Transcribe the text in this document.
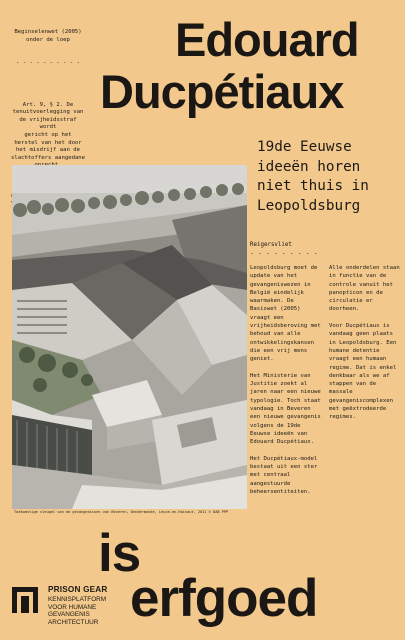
Beginselenwet (2005)
onder de loep

- - - - - - - - - -

Art. 9, § 2. De
tenuitvoerlegging van
de vrijheidsstraf wordt
gericht op het
herstel van het door
het misdrijf aan de
slachtoffers aangedane

Edouard
Ducpétiaux
19de Eeuwse ideeën horen niet thuis in Leopoldsburg
Toekomstige vleugel van de gevangenissen van Beveren, Dendermonde, Leuze-en-Hainaut, 2011 © DAB PPP
Reigersvliet
- - - - - - - - -

Leopoldsburg moet de update van het gevangeniswezen in België eindelijk waarmaken. De Basiswet (2005) vraagt een vrijheidsberoving met behoud van alle ontwikkelingskansen die een vrij mens geniet.

Het Ministerie van Justitie zoekt al jaren naar een nieuwe typologie. Toch staat vandaag in Beveren een nieuwe gevangenis volgens de 19de Eeuwse ideeën van Edouard Ducpétiaux.

Het Ducpétiaux-model bestaat uit een ster met centraal aangestuurde beheersentiteiten.

Alle onderdelen staan in functie van de controle vanuit het panopticon en de circulatie er doorheen.

Voor Ducpétiaux is vandaag geen plaats in Leopoldsburg. Een humane detentie vraagt een humaan regime. Dat is enkel denkbaar als we af stappen van de massale gevangeniscomplexen met geëxtrodeerde regimes.

is
erfgoed
PRISON GEAR
KENNISPLATFORM
VOOR HUMANE
GEVANGENIS
ARCHITECTUUR
